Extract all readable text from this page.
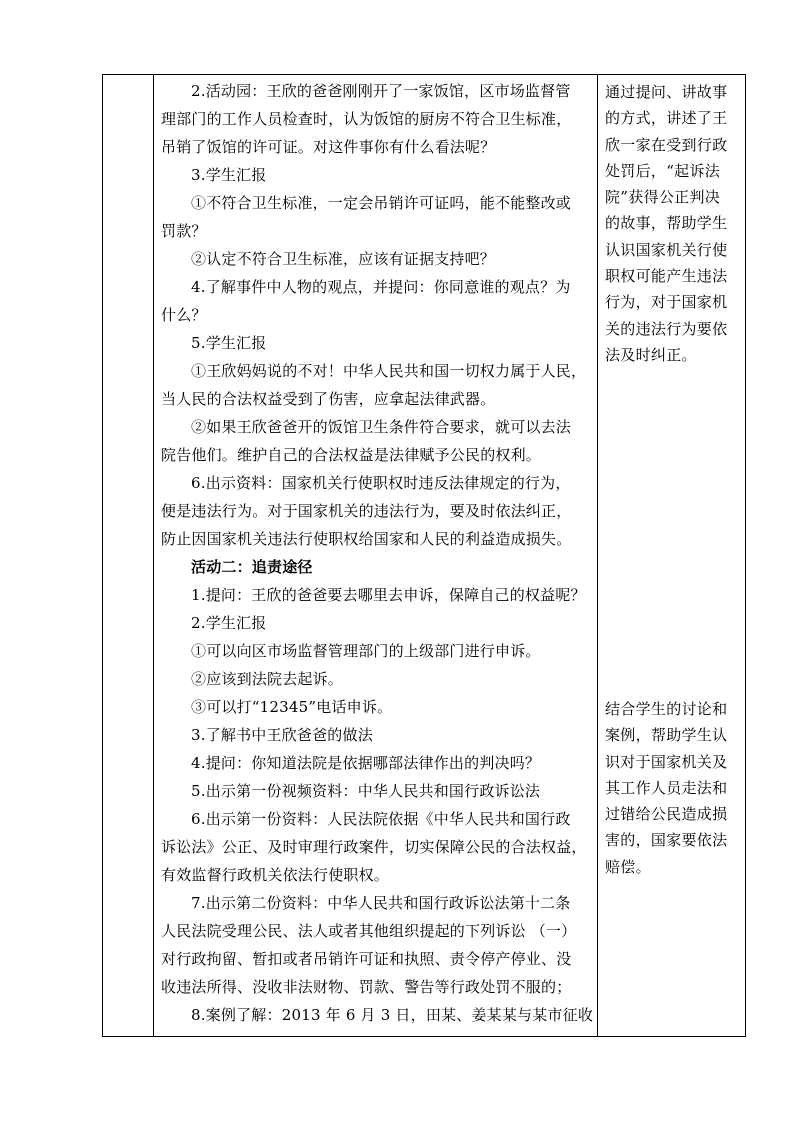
2.活动园：王欣的爸爸刚刚开了一家饭馆，区市场监督管
理部门的工作人员检查时，认为饭馆的厨房不符合卫生标准，
吊销了饭馆的许可证。对这件事你有什么看法呢？
3.学生汇报
①不符合卫生标准，一定会吊销许可证吗，能不能整改或
罚款？
②认定不符合卫生标准，应该有证据支持吧？
4.了解事件中人物的观点，并提问：你同意谁的观点？为
什么？
5.学生汇报
①王欣妈妈说的不对！中华人民共和国一切权力属于人民，
当人民的合法权益受到了伤害，应拿起法律武器。
②如果王欣爸爸开的饭馆卫生条件符合要求，就可以去法
院告他们。维护自己的合法权益是法律赋予公民的权利。
6.出示资料：国家机关行使职权时违反法律规定的行为，
便是违法行为。对于国家机关的违法行为，要及时依法纠正，
防止因国家机关违法行使职权给国家和人民的利益造成损失。
活动二：追责途径
1.提问：王欣的爸爸要去哪里去申诉，保障自己的权益呢？
2.学生汇报
①可以向区市场监督管理部门的上级部门进行申诉。
②应该到法院去起诉。
③可以打“12345”电话申诉。
3.了解书中王欣爸爸的做法
4.提问：你知道法院是依据哪部法律作出的判决吗？
5.出示第一份视频资料：中华人民共和国行政诉讼法
6.出示第一份资料：人民法院依据《中华人民共和国行政
诉讼法》公正、及时审理行政案件，切实保障公民的合法权益，
有效监督行政机关依法行使职权。
7.出示第二份资料：中华人民共和国行政诉讼法第十二条
人民法院受理公民、法人或者其他组织提起的下列诉讼 （一）
对行政拘留、暂扣或者吊销许可证和执照、责令停产停业、没
收违法所得、没收非法财物、罚款、警告等行政处罚不服的；
8.案例了解：2013 年 6 月 3 日，田某、姜某某与某市征收
通过提问、讲故事
的方式，讲述了王
欣一家在受到行政
处罚后，“起诉法
院”获得公正判决
的故事，帮助学生
认识国家机关行使
职权可能产生违法
行为，对于国家机
关的违法行为要依
法及时纠正。
结合学生的讨论和
案例，帮助学生认
识对于国家机关及
其工作人员走法和
过错给公民造成损
害的，国家要依法
赔偿。
